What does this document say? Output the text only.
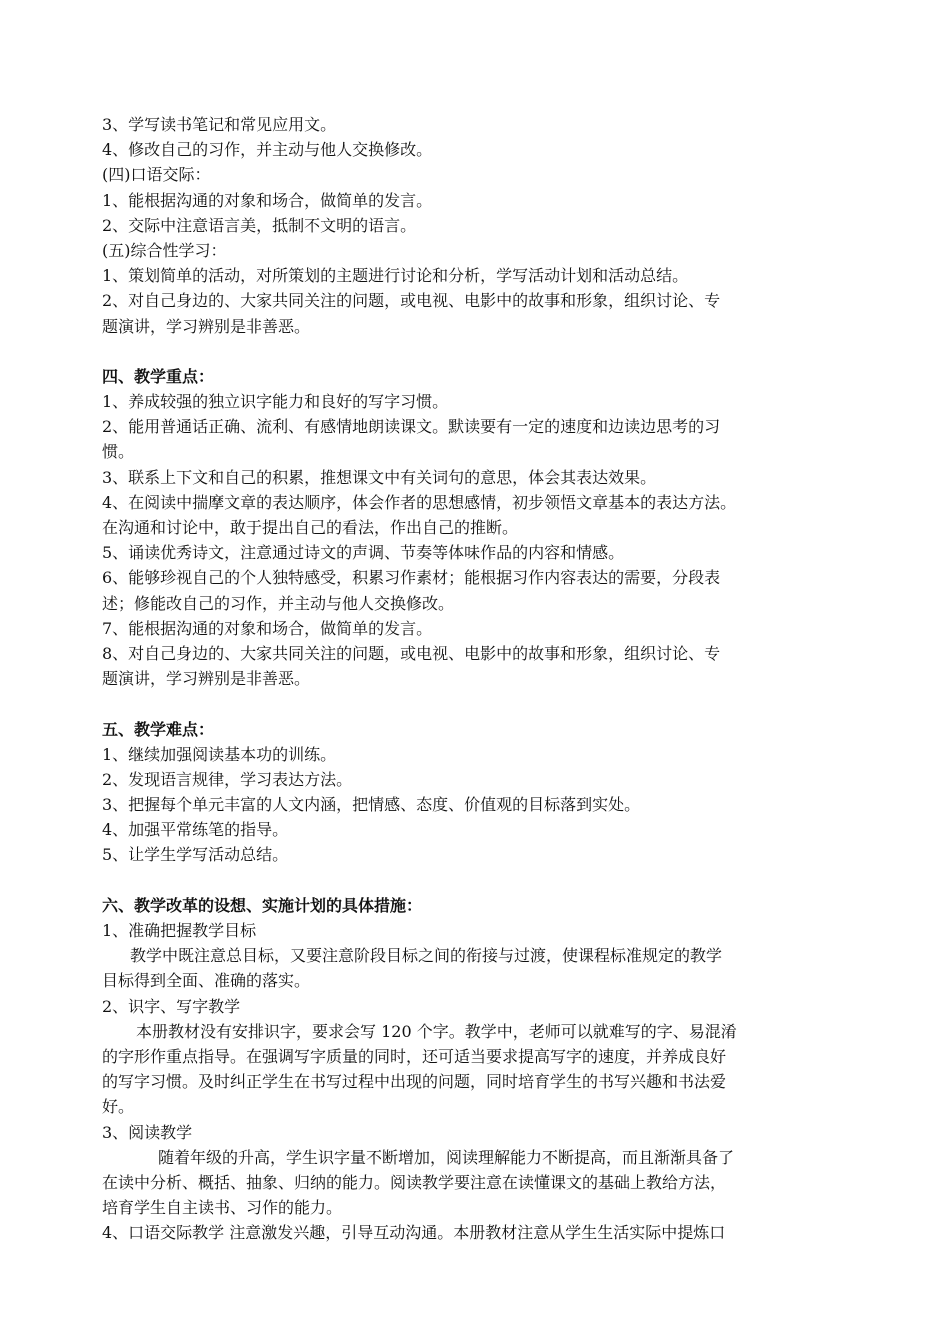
3、学写读书笔记和常见应用文。
4、修改自己的习作，并主动与他人交换修改。
(四)口语交际：
1、能根据沟通的对象和场合，做简单的发言。
2、交际中注意语言美，抵制不文明的语言。
(五)综合性学习：
1、策划简单的活动，对所策划的主题进行讨论和分析，学写活动计划和活动总结。
2、对自己身边的、大家共同关注的问题，或电视、电影中的故事和形象，组织讨论、专
题演讲，学习辨别是非善恶。
四、教学重点：
1、养成较强的独立识字能力和良好的写字习惯。
2、能用普通话正确、流利、有感情地朗读课文。默读要有一定的速度和边读边思考的习
惯。
3、联系上下文和自己的积累，推想课文中有关词句的意思，体会其表达效果。
4、在阅读中揣摩文章的表达顺序，体会作者的思想感情，初步领悟文章基本的表达方法。
在沟通和讨论中，敢于提出自己的看法，作出自己的推断。
5、诵读优秀诗文，注意通过诗文的声调、节奏等体味作品的内容和情感。
6、能够珍视自己的个人独特感受，积累习作素材；能根据习作内容表达的需要，分段表
述；修能改自己的习作，并主动与他人交换修改。
7、能根据沟通的对象和场合，做简单的发言。
8、对自己身边的、大家共同关注的问题，或电视、电影中的故事和形象，组织讨论、专
题演讲，学习辨别是非善恶。
五、教学难点：
1、继续加强阅读基本功的训练。
2、发现语言规律，学习表达方法。
3、把握每个单元丰富的人文内涵，把情感、态度、价值观的目标落到实处。
4、加强平常练笔的指导。
5、让学生学写活动总结。
六、教学改革的设想、实施计划的具体措施：
1、准确把握教学目标
教学中既注意总目标，又要注意阶段目标之间的衔接与过渡，使课程标准规定的教学
目标得到全面、准确的落实。
2、识字、写字教学
本册教材没有安排识字，要求会写 120 个字。教学中，老师可以就难写的字、易混淆
的字形作重点指导。在强调写字质量的同时，还可适当要求提高写字的速度，并养成良好
的写字习惯。及时纠正学生在书写过程中出现的问题，同时培育学生的书写兴趣和书法爱
好。
3、阅读教学
随着年级的升高，学生识字量不断增加，阅读理解能力不断提高，而且渐渐具备了
在读中分析、概括、抽象、归纳的能力。阅读教学要注意在读懂课文的基础上教给方法，
培育学生自主读书、习作的能力。
4、口语交际教学 注意激发兴趣，引导互动沟通。本册教材注意从学生生活实际中提炼口
